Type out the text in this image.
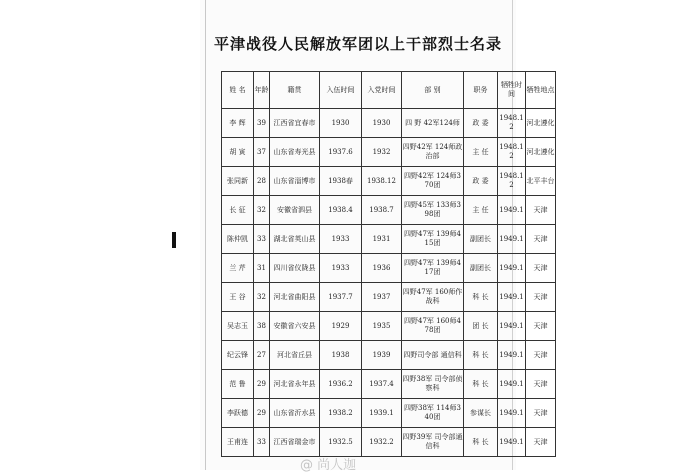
平津战役人民解放军团以上干部烈士名录
姓 名	年龄	籍贯	入伍时间	入党时间	部 别	职务	牺牲时间	牺牲地点
李 辉	39	江西省宜春市	1930	1930	四 野 42军124师	政 委	1948.12	河北遵化
胡 寅	37	山东省寿光县	1937.6	1932	四野42军 124师政治部	主 任	1948.12	河北遵化
张同新	28	山东省淄博市	1938春	1938.12	四野42军 124师370团	政 委	1948.12	北平丰台
长 征	32	安徽省泗县	1938.4	1938.7	四野45军 133师398团	主 任	1949.1	天津
陈仲凯	33	湖北省英山县	1933	1931	四野47军 139师415团	副团长	1949.1	天津
兰 芹	31	四川省仪陇县	1933	1936	四野47军 139师417团	副团长	1949.1	天津
王 谷	32	河北省曲阳县	1937.7	1937	四野47军 160师作战科	科 长	1949.1	天津
吴志玉	38	安徽省六安县	1929	1935	四野47军 160师478团	团 长	1949.1	天津
纪云锋	27	河北省丘县	1938	1939	四野司令部 通信科	科 长	1949.1	天津
范 鲁	29	河北省永年县	1936.2	1937.4	四野38军 司令部侦察科	科 长	1949.1	天津
李跃德	29	山东省沂水县	1938.2	1939.1	四野38军 114师340团	参谋长	1949.1	天津
王甫连	33	江西省瑞金市	1932.5	1932.2	四野39军 司令部通信科	科 长	1949.1	天津
@ 尚人迦
